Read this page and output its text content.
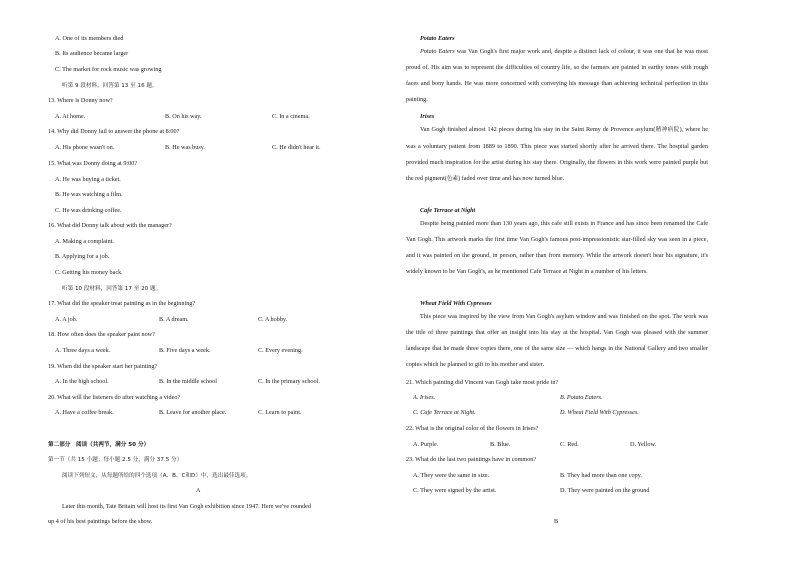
A. One of its members died
B. Its audience became larger
C. The market for rock music was growing
听第 9 段材料，回答第 13 至 16 题。
13. Where is Donny now?
A. At home.	B. On his way.	C. In a cinema.
14. Why did Donny fail to answer the phone at 8:00?
A. His phone wasn't on.	B. He was busy.	C. He didn't hear it.
15. What was Donny doing at 9:00?
A. He was buying a ticket.
B. He was watching a film.
C. He was drinking coffee.
16. What did Donny talk about with the manager?
A. Making a complaint.
B. Applying for a job.
C. Getting his money back.
听第 10 段材料，回答第 17 至 20 题。
17. What did the speaker treat painting as in the beginning?
A. A job.	B. A dream.	C. A hobby.
18. How often does the speaker paint now?
A. Three days a week.	B. Five days a week.	C. Every evening.
19. When did the speaker start her painting?
A. In the high school.	B. In the middle school	C. In the primary school.
20. What will the listeners do after watching a video?
A. Have a coffee break.	B. Leave for another place.	C. Learn to paint.
第二部分　阅读（共两节，满分 50 分）
第一节（共 15 小题；每小题 2.5 分，满分 37.5 分）
阅读下列短文，从每题所给的四个选项（A、B、C和D）中，选出最佳选项。
A
Later this month, Tate Britain will host its first Van Gogh exhibition since 1947. Here we've rounded
up 4 of his best paintings before the show.
Potato Eaters
Potato Eaters was Van Gogh's first major work and, despite a distinct lack of colour, it was one that he was most proud of. His aim was to represent the difficulties of country life, so the farmers are painted in earthy tones with rough faces and bony hands. He was more concerned with conveying his message than achieving technical perfection in this painting.
Irises
Van Gogh finished almost 142 pieces during his stay in the Saint Remy de Provence asylum(精神病院), where he was a voluntary patient from 1889 to 1890. This piece was started shortly after he arrived there. The hospital garden provided much inspiration for the artist during his stay there. Originally, the flowers in this work were painted purple but the red pigment(色素) faded over time and has now turned blue.
Cafe Terrace at Night
Despite being painted more than 130 years ago, this cafe still exists in France and has since been renamed the Cafe Van Gogh. This artwork marks the first time Van Gogh's famous post-impressionistic star-filled sky was seen in a piece, and it was painted on the ground, in person, rather than from memory. While the artwork doesn't bear his signature, it's widely known to be Van Gogh's, as he mentioned Cafe Terrace at Night in a number of his letters.
Wheat Field With Cypresses
This piece was inspired by the view from Van Gogh's asylum window and was finished on the spot. The work was the title of three paintings that offer an insight into his stay at the hospital. Van Gogh was pleased with the summer landscape that he made three copies there, one of the same size — which hangs in the National Gallery and two smaller copies which he planned to gift to his mother and sister.
21. Which painting did Vincent van Gogh take most pride in?
A. Irises.	B. Potato Eaters.
C. Cafe Terrace at Night.	D. Wheat Field With Cypresses.
22. What is the original color of the flowers in Irises?
A. Purple.	B. Blue.	C. Red.	D. Yellow.
23. What do the last two paintings have in common?
A. They were the same in size.	B. They had more than one copy.
C. They were signed by the artist.	D. They were painted on the ground
B
